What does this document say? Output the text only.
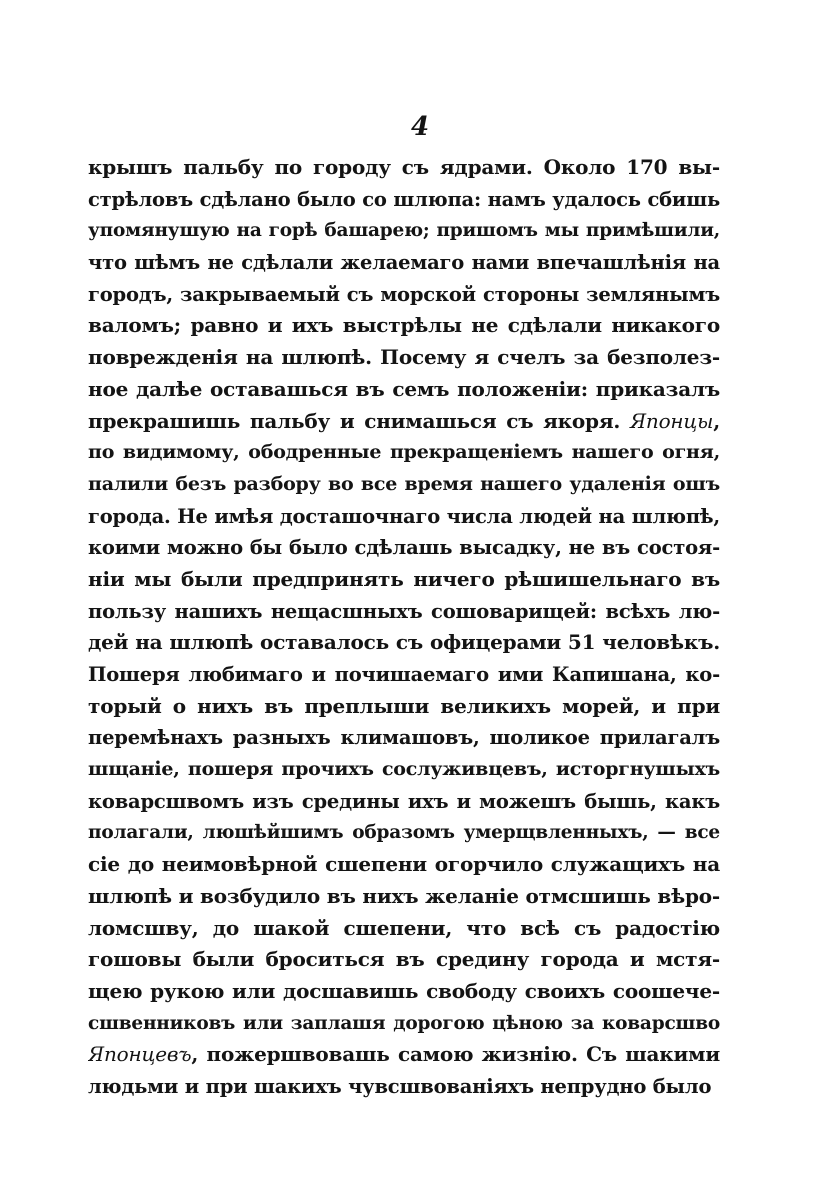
4
крышъ пальбу по городу съ ядрами. Около 170 вы-
стрѣловъ сдѣлано было со шлюпа: намъ удалось сбишь
упомянушую на горѣ башарею; пришомъ мы примѣшили,
что шѣмъ не сдѣлали желаемаго нами впечашлѣнія на
городъ, закрываемый съ морской стороны землянымъ
валомъ; равно и ихъ выстрѣлы не сдѣлали никакого
поврежденія на шлюпѣ. Посему я счелъ за безполез-
ное далѣе оставашься въ семъ положеніи: приказалъ
прекрашишь пальбу и снимашься съ якоря. Японцы,
по видимому, ободренные прекращеніемъ нашего огня,
палили безъ разбору во все время нашего удаленія ошъ
города. Не имѣя досташочнаго числа людей на шлюпѣ,
коими можно бы было сдѣлашь высадку, не въ состоя-
ніи мы были предпринять ничего рѣшишельнаго въ
пользу нашихъ нещасшныхъ сошоварищей: всѣхъ лю-
дей на шлюпѣ оставалось съ офицерами 51 человѣкъ.
Пошеря любимаго и почишаемаго ими Капишана, ко-
торый о нихъ въ преплыши великихъ морей, и при
перемѣнахъ разныхъ климашовъ, шоликое прилагалъ
шщаніе, пошеря прочихъ сослуживцевъ, исторгнушыхъ
коварсшвомъ изъ средины ихъ и можешъ бышь, какъ
полагали, люшѣйшимъ образомъ умерщвленныхъ, — все
сіе до неимовѣрной сшепени огорчило служащихъ на
шлюпѣ и возбудило въ нихъ желаніе отмсшишь вѣро-
ломсшву, до шакой сшепени, что всѣ съ радостію
гошовы были броситься въ средину города и мстя-
щею рукою или досшавишь свободу своихъ соошече-
сшвенниковъ или заплашя дорогою цѣною за коварсшво
Японцевъ, пожершвовашь самою жизнію. Съ шакими
людьми и при шакихъ чувсшвованіяхъ непрудно было
